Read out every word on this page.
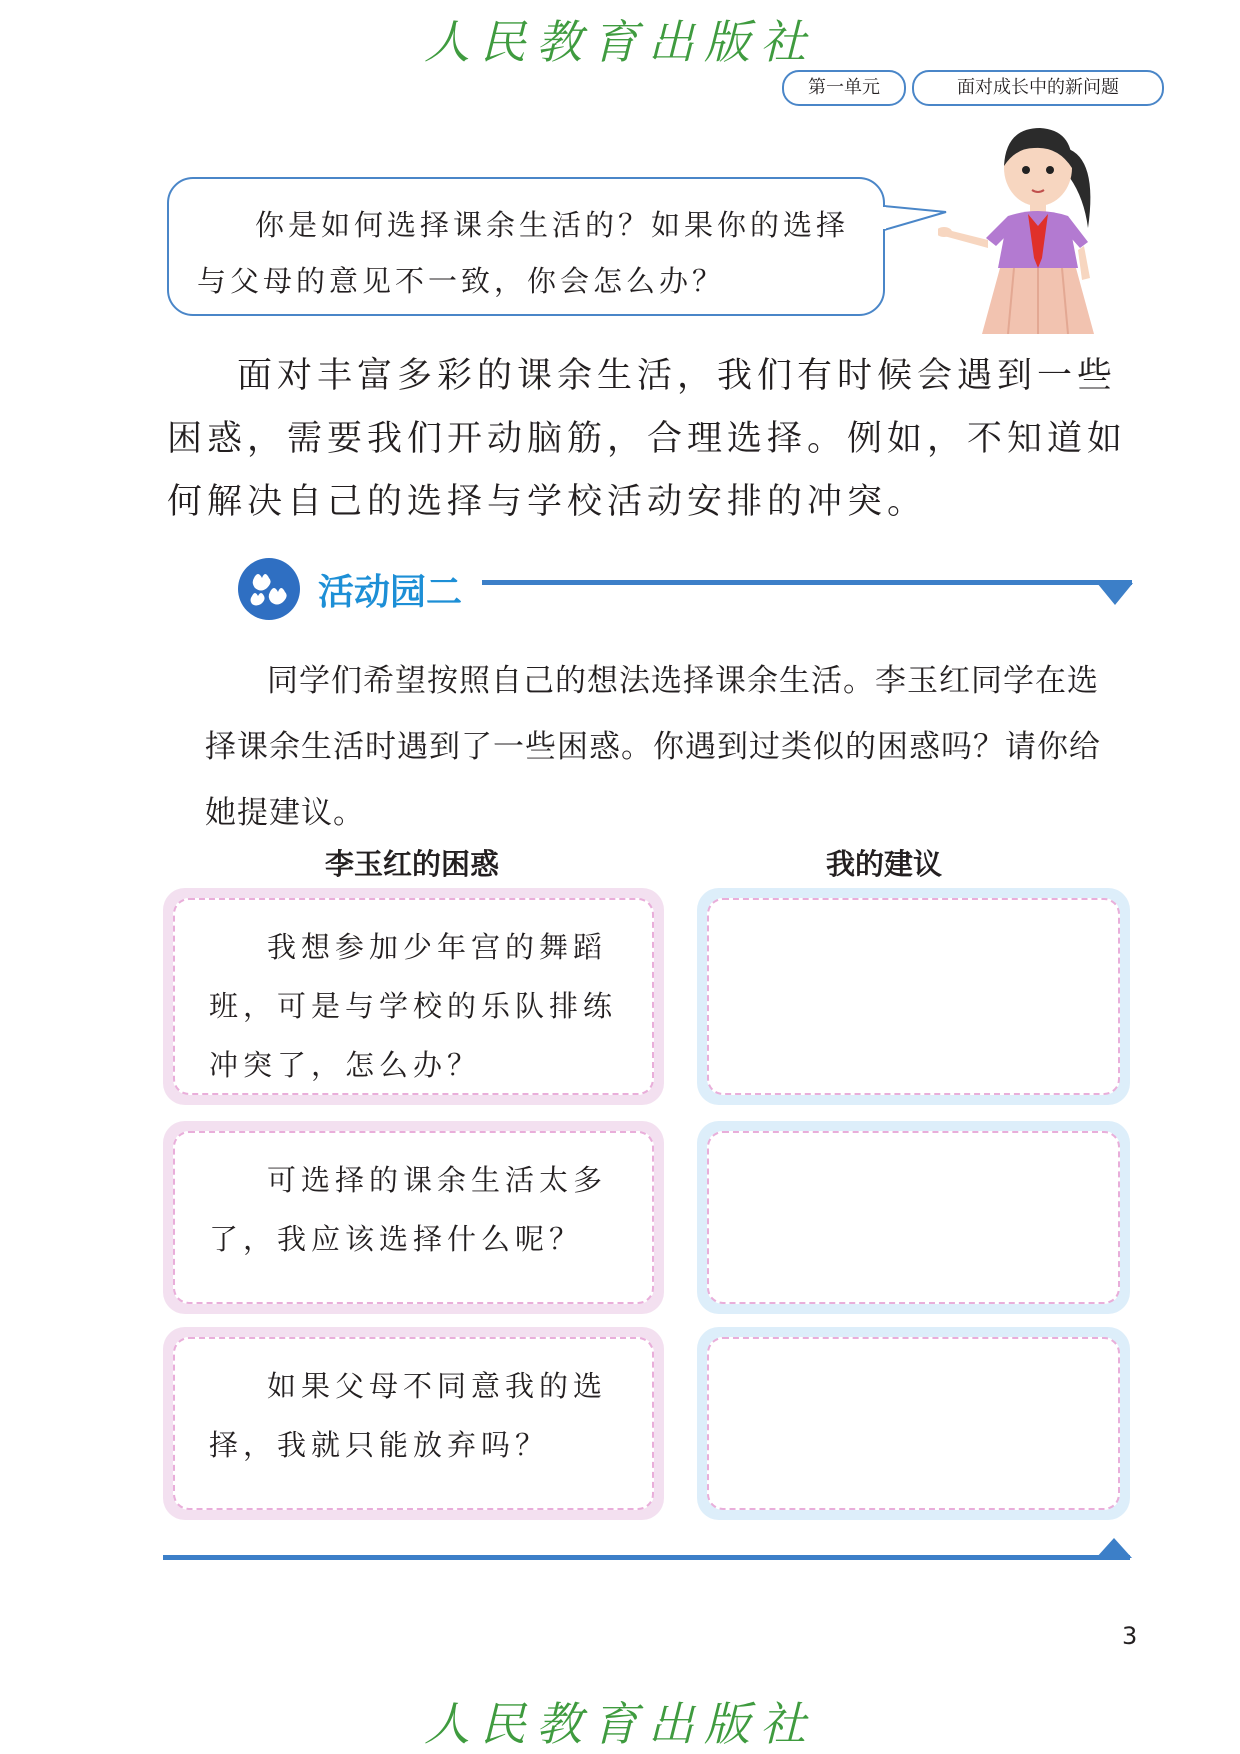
人民教育出版社
第一单元	面对成长中的新问题
你是如何选择课余生活的？如果你的选择与父母的意见不一致，你会怎么办？

面对丰富多彩的课余生活，我们有时候会遇到一些困惑，需要我们开动脑筋，合理选择。例如，不知道如何解决自己的选择与学校活动安排的冲突。

活动园二

同学们希望按照自己的想法选择课余生活。李玉红同学在选择课余生活时遇到了一些困惑。你遇到过类似的困惑吗？请你给她提建议。

李玉红的困惑	我的建议
我想参加少年宫的舞蹈班，可是与学校的乐队排练冲突了，怎么办？
可选择的课余生活太多了，我应该选择什么呢？
如果父母不同意我的选择，我就只能放弃吗？
3
人民教育出版社
